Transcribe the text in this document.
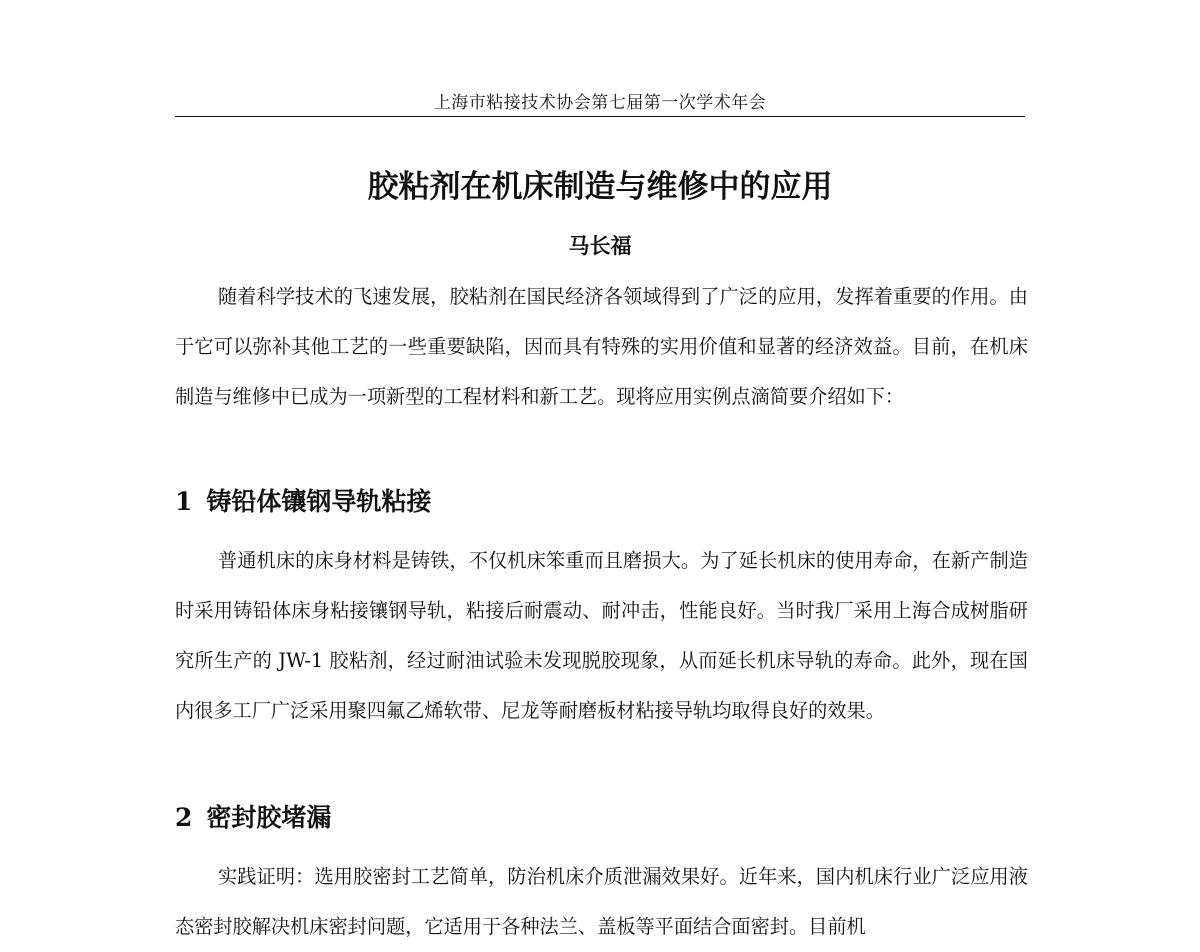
上海市粘接技术协会第七届第一次学术年会
胶粘剂在机床制造与维修中的应用
马长福

随着科学技术的飞速发展，胶粘剂在国民经济各领域得到了广泛的应用，发挥着重要的作用。由于它可以弥补其他工艺的一些重要缺陷，因而具有特殊的实用价值和显著的经济效益。目前，在机床制造与维修中已成为一项新型的工程材料和新工艺。现将应用实例点滴简要介绍如下：

1 铸铅体镶钢导轨粘接

普通机床的床身材料是铸铁，不仅机床笨重而且磨损大。为了延长机床的使用寿命，在新产制造时采用铸铅体床身粘接镶钢导轨，粘接后耐震动、耐冲击，性能良好。当时我厂采用上海合成树脂研究所生产的 JW-1 胶粘剂，经过耐油试验未发现脱胶现象，从而延长机床导轨的寿命。此外，现在国内很多工厂广泛采用聚四氟乙烯软带、尼龙等耐磨板材粘接导轨均取得良好的效果。

2 密封胶堵漏

实践证明：选用胶密封工艺简单，防治机床介质泄漏效果好。近年来，国内机床行业广泛应用液态密封胶解决机床密封问题，它适用于各种法兰、盖板等平面结合面密封。目前机
